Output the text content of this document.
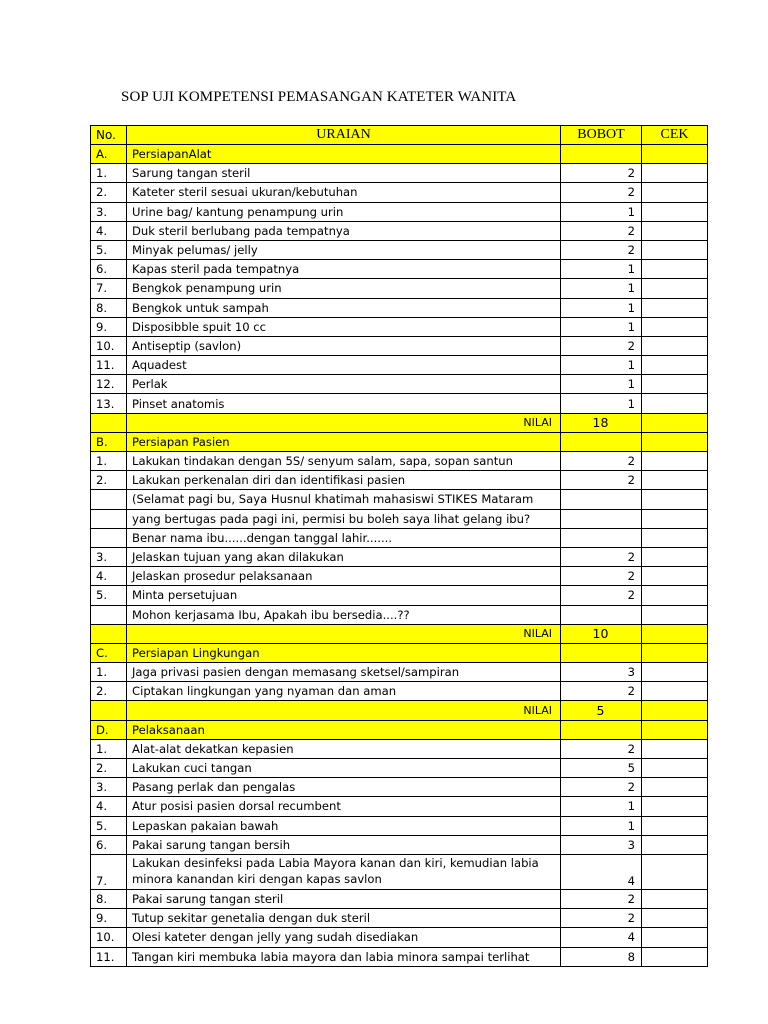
SOP UJI KOMPETENSI PEMASANGAN KATETER WANITA
No.	URAIAN	BOBOT	CEK
A.	PersiapanAlat		
1.	Sarung tangan steril	2	
2.	Kateter steril sesuai ukuran/kebutuhan	2	
3.	Urine bag/ kantung penampung urin	1	
4.	Duk steril berlubang pada tempatnya	2	
5.	Minyak pelumas/ jelly	2	
6.	Kapas steril pada tempatnya	1	
7.	Bengkok penampung urin	1	
8.	Bengkok untuk sampah	1	
9.	Disposibble spuit 10 cc	1	
10.	Antiseptip (savlon)	2	
11.	Aquadest	1	
12.	Perlak	1	
13.	Pinset anatomis	1	
	NILAI	18	
B.	Persiapan Pasien		
1.	Lakukan tindakan dengan 5S/ senyum salam, sapa, sopan santun	2	
2.	Lakukan perkenalan diri dan identifikasi pasien	2	
	(Selamat pagi bu, Saya Husnul khatimah mahasiswi STIKES Mataram		
	yang bertugas pada pagi ini, permisi bu boleh saya lihat gelang ibu?		
	Benar nama ibu......dengan tanggal lahir.......		
3.	Jelaskan tujuan yang akan dilakukan	2	
4.	Jelaskan prosedur pelaksanaan	2	
5.	Minta persetujuan	2	
	Mohon kerjasama Ibu, Apakah ibu bersedia....??		
	NILAI	10	
C.	Persiapan Lingkungan		
1.	Jaga privasi pasien dengan memasang sketsel/sampiran	3	
2.	Ciptakan lingkungan yang nyaman dan aman	2	
	NILAI	5	
D.	Pelaksanaan		
1.	Alat-alat dekatkan kepasien	2	
2.	Lakukan cuci tangan	5	
3.	Pasang perlak dan pengalas	2	
4.	Atur posisi pasien dorsal recumbent	1	
5.	Lepaskan pakaian bawah	1	
6.	Pakai sarung tangan bersih	3	
7.	Lakukan desinfeksi pada Labia Mayora kanan dan kiri, kemudian labia minora kanandan kiri dengan kapas savlon	4	
8.	Pakai sarung tangan steril	2	
9.	Tutup sekitar genetalia dengan duk steril	2	
10.	Olesi kateter dengan jelly yang sudah disediakan	4	
11.	Tangan kiri membuka labia mayora dan labia minora sampai terlihat	8	
